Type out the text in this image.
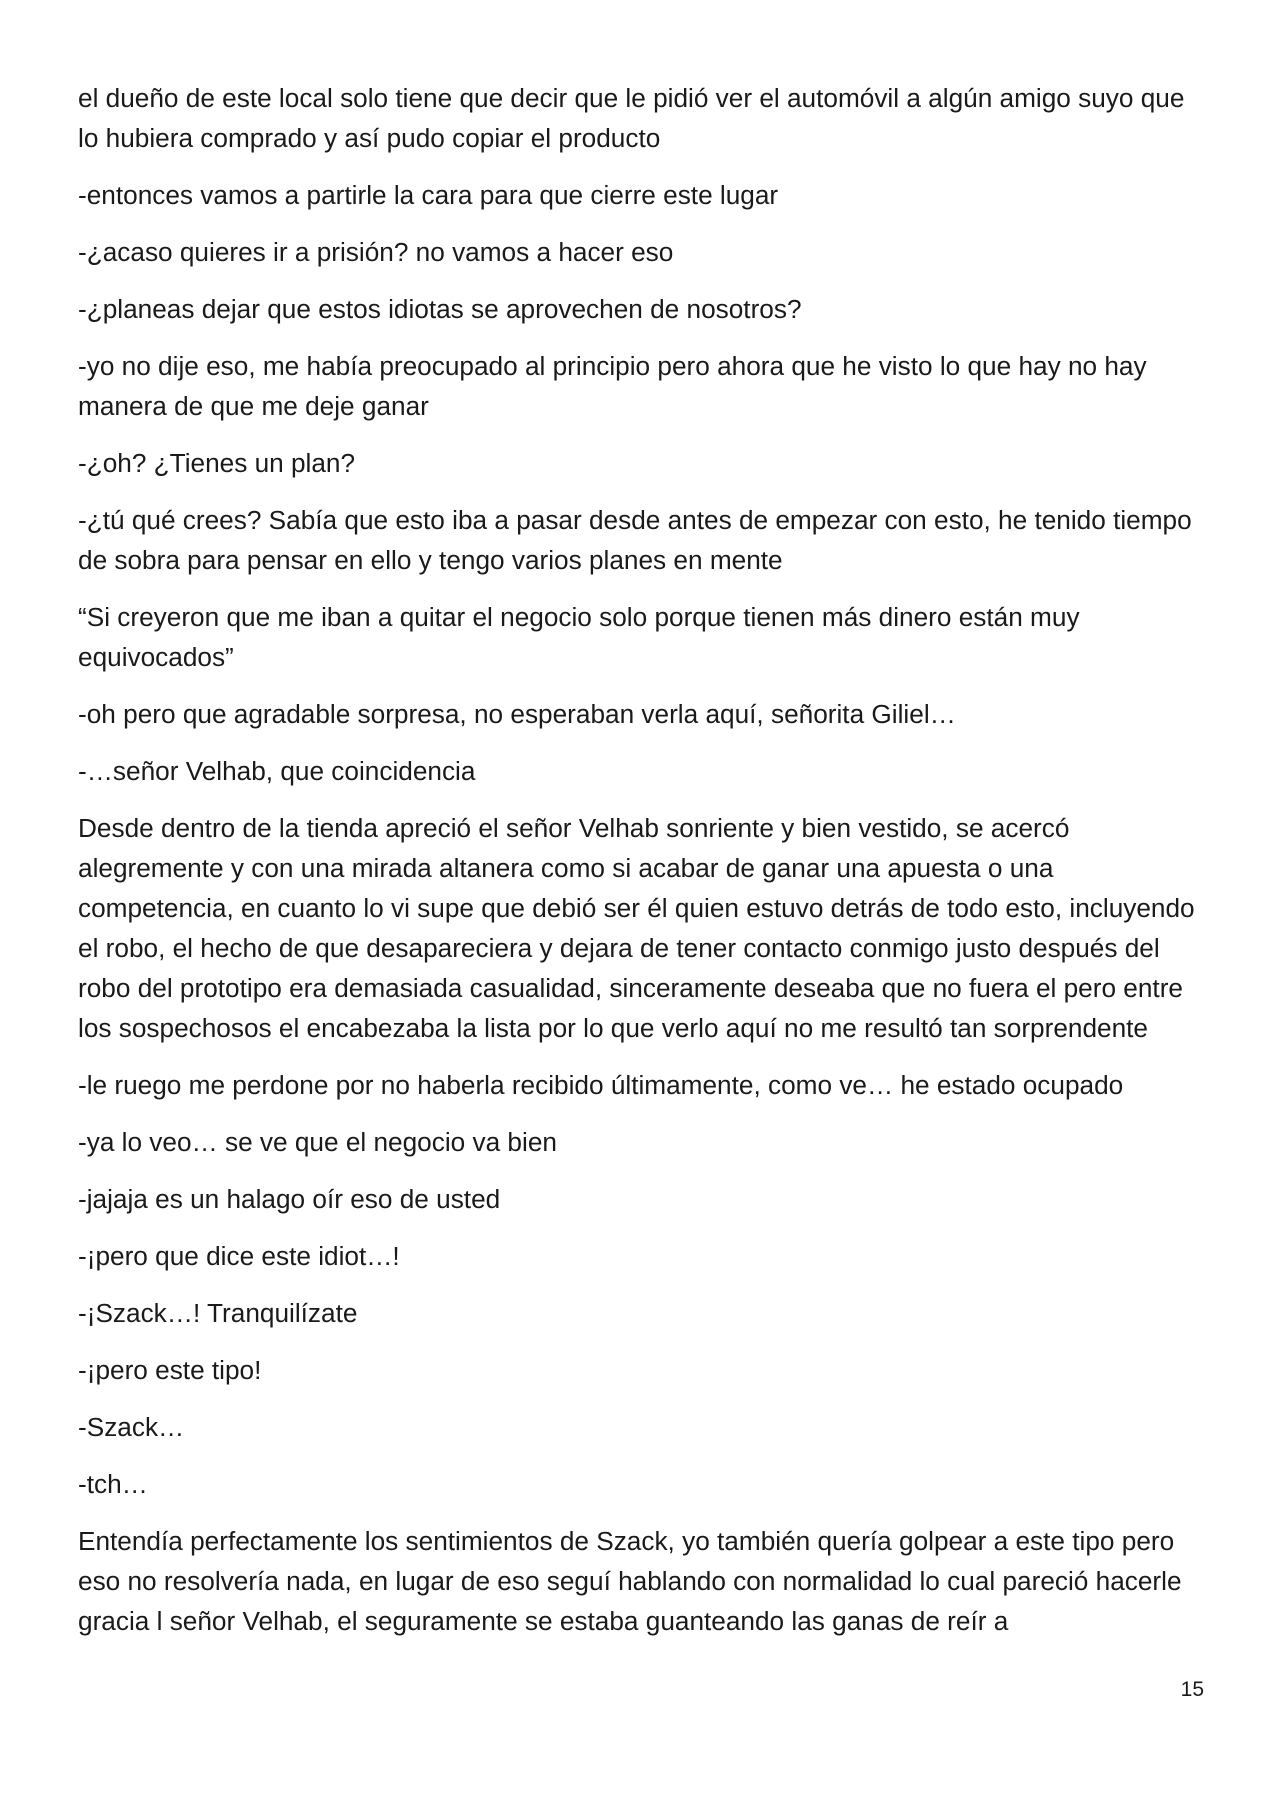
el dueño de este local solo tiene que decir que le pidió ver el automóvil a algún amigo suyo que lo hubiera comprado y así pudo copiar el producto

-entonces vamos a partirle la cara para que cierre este lugar

-¿acaso quieres ir a prisión? no vamos a hacer eso

-¿planeas dejar que estos idiotas se aprovechen de nosotros?

-yo no dije eso, me había preocupado al principio pero ahora que he visto lo que hay no hay manera de que me deje ganar

-¿oh? ¿Tienes un plan?

-¿tú qué crees? Sabía que esto iba a pasar desde antes de empezar con esto, he tenido tiempo de sobra para pensar en ello y tengo varios planes en mente

“Si creyeron que me iban a quitar el negocio solo porque tienen más dinero están muy equivocados”

-oh pero que agradable sorpresa, no esperaban verla aquí, señorita Giliel…

-…señor Velhab, que coincidencia

Desde dentro de la tienda apreció el señor Velhab sonriente y bien vestido, se acercó alegremente y con una mirada altanera como si acabar de ganar una apuesta o una competencia, en cuanto lo vi supe que debió ser él quien estuvo detrás de todo esto, incluyendo el robo, el hecho de que desapareciera y dejara de tener contacto conmigo justo después del robo del prototipo era demasiada casualidad, sinceramente deseaba que no fuera el pero entre los sospechosos el encabezaba la lista por lo que verlo aquí no me resultó tan sorprendente

-le ruego me perdone por no haberla recibido últimamente, como ve… he estado ocupado

-ya lo veo… se ve que el negocio va bien

-jajaja es un halago oír eso de usted

-¡pero que dice este idiot…!

-¡Szack…! Tranquilízate

-¡pero este tipo!

-Szack…

-tch…

Entendía perfectamente los sentimientos de Szack, yo también quería golpear a este tipo pero eso no resolvería nada, en lugar de eso seguí hablando con normalidad lo cual pareció hacerle gracia l señor Velhab, el seguramente se estaba guanteando las ganas de reír a

15
